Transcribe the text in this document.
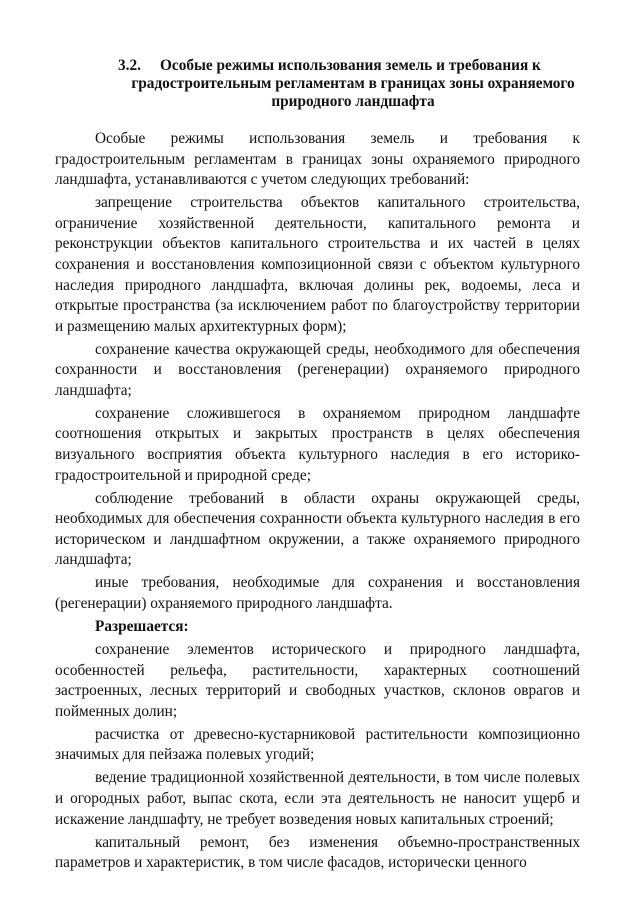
3.2. Особые режимы использования земель и требования к
градостроительным регламентам в границах зоны охраняемого
природного ландшафта

Особые режимы использования земель и требования к градостроительным регламентам в границах зоны охраняемого природного ландшафта, устанавливаются с учетом следующих требований:

запрещение строительства объектов капитального строительства, ограничение хозяйственной деятельности, капитального ремонта и реконструкции объектов капитального строительства и их частей в целях сохранения и восстановления композиционной связи с объектом культурного наследия природного ландшафта, включая долины рек, водоемы, леса и открытые пространства (за исключением работ по благоустройству территории и размещению малых архитектурных форм);

сохранение качества окружающей среды, необходимого для обеспечения сохранности и восстановления (регенерации) охраняемого природного ландшафта;

сохранение сложившегося в охраняемом природном ландшафте соотношения открытых и закрытых пространств в целях обеспечения визуального восприятия объекта культурного наследия в его историко-градостроительной и природной среде;

соблюдение требований в области охраны окружающей среды, необходимых для обеспечения сохранности объекта культурного наследия в его историческом и ландшафтном окружении, а также охраняемого природного ландшафта;

иные требования, необходимые для сохранения и восстановления (регенерации) охраняемого природного ландшафта.

Разрешается:

сохранение элементов исторического и природного ландшафта, особенностей рельефа, растительности, характерных соотношений застроенных, лесных территорий и свободных участков, склонов оврагов и пойменных долин;

расчистка от древесно-кустарниковой растительности композиционно значимых для пейзажа полевых угодий;

ведение традиционной хозяйственной деятельности, в том числе полевых и огородных работ, выпас скота, если эта деятельность не наносит ущерб и искажение ландшафту, не требует возведения новых капитальных строений;

капитальный ремонт, без изменения объемно-пространственных параметров и характеристик, в том числе фасадов, исторически ценного
